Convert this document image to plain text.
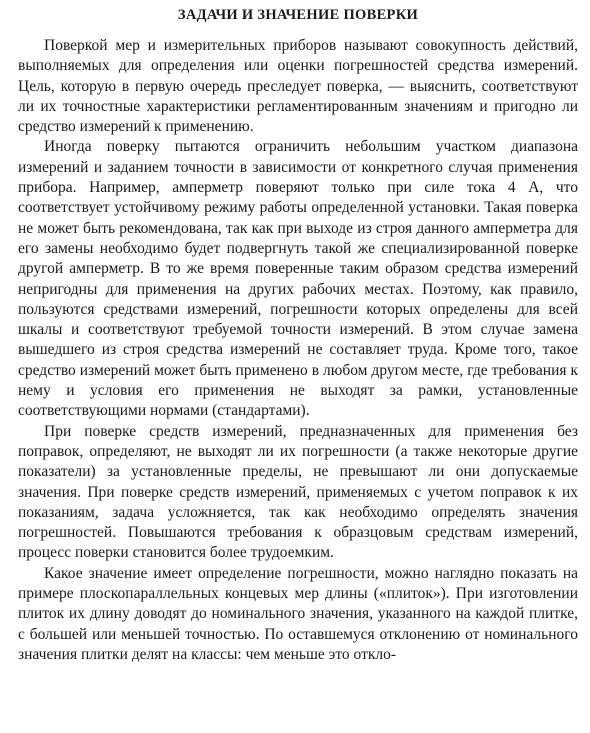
ЗАДАЧИ И ЗНАЧЕНИЕ ПОВЕРКИ

Поверкой мер и измерительных приборов называют совокупность действий, выполняемых для определения или оценки погрешностей средства измерений. Цель, которую в первую очередь преследует поверка, — выяснить, соответствуют ли их точностные характеристики регламентированным значениям и пригодно ли средство измерений к применению.

Иногда поверку пытаются ограничить небольшим участком диапазона измерений и заданием точности в зависимости от конкретного случая применения прибора. Например, амперметр поверяют только при силе тока 4 А, что соответствует устойчивому режиму работы определенной установки. Такая поверка не может быть рекомендована, так как при выходе из строя данного амперметра для его замены необходимо будет подвергнуть такой же специализированной поверке другой амперметр. В то же время поверенные таким образом средства измерений непригодны для применения на других рабочих местах. Поэтому, как правило, пользуются средствами измерений, погрешности которых определены для всей шкалы и соответствуют требуемой точности измерений. В этом случае замена вышедшего из строя средства измерений не составляет труда. Кроме того, такое средство измерений может быть применено в любом другом месте, где требования к нему и условия его применения не выходят за рамки, установленные соответствующими нормами (стандартами).

При поверке средств измерений, предназначенных для применения без поправок, определяют, не выходят ли их погрешности (а также некоторые другие показатели) за установленные пределы, не превышают ли они допускаемые значения. При поверке средств измерений, применяемых с учетом поправок к их показаниям, задача усложняется, так как необходимо определять значения погрешностей. Повышаются требования к образцовым средствам измерений, процесс поверки становится более трудоемким.

Какое значение имеет определение погрешности, можно наглядно показать на примере плоскопараллельных концевых мер длины («плиток»). При изготовлении плиток их длину доводят до номинального значения, указанного на каждой плитке, с большей или меньшей точностью. По оставшемуся отклонению от номинального значения плитки делят на классы: чем меньше это откло-
